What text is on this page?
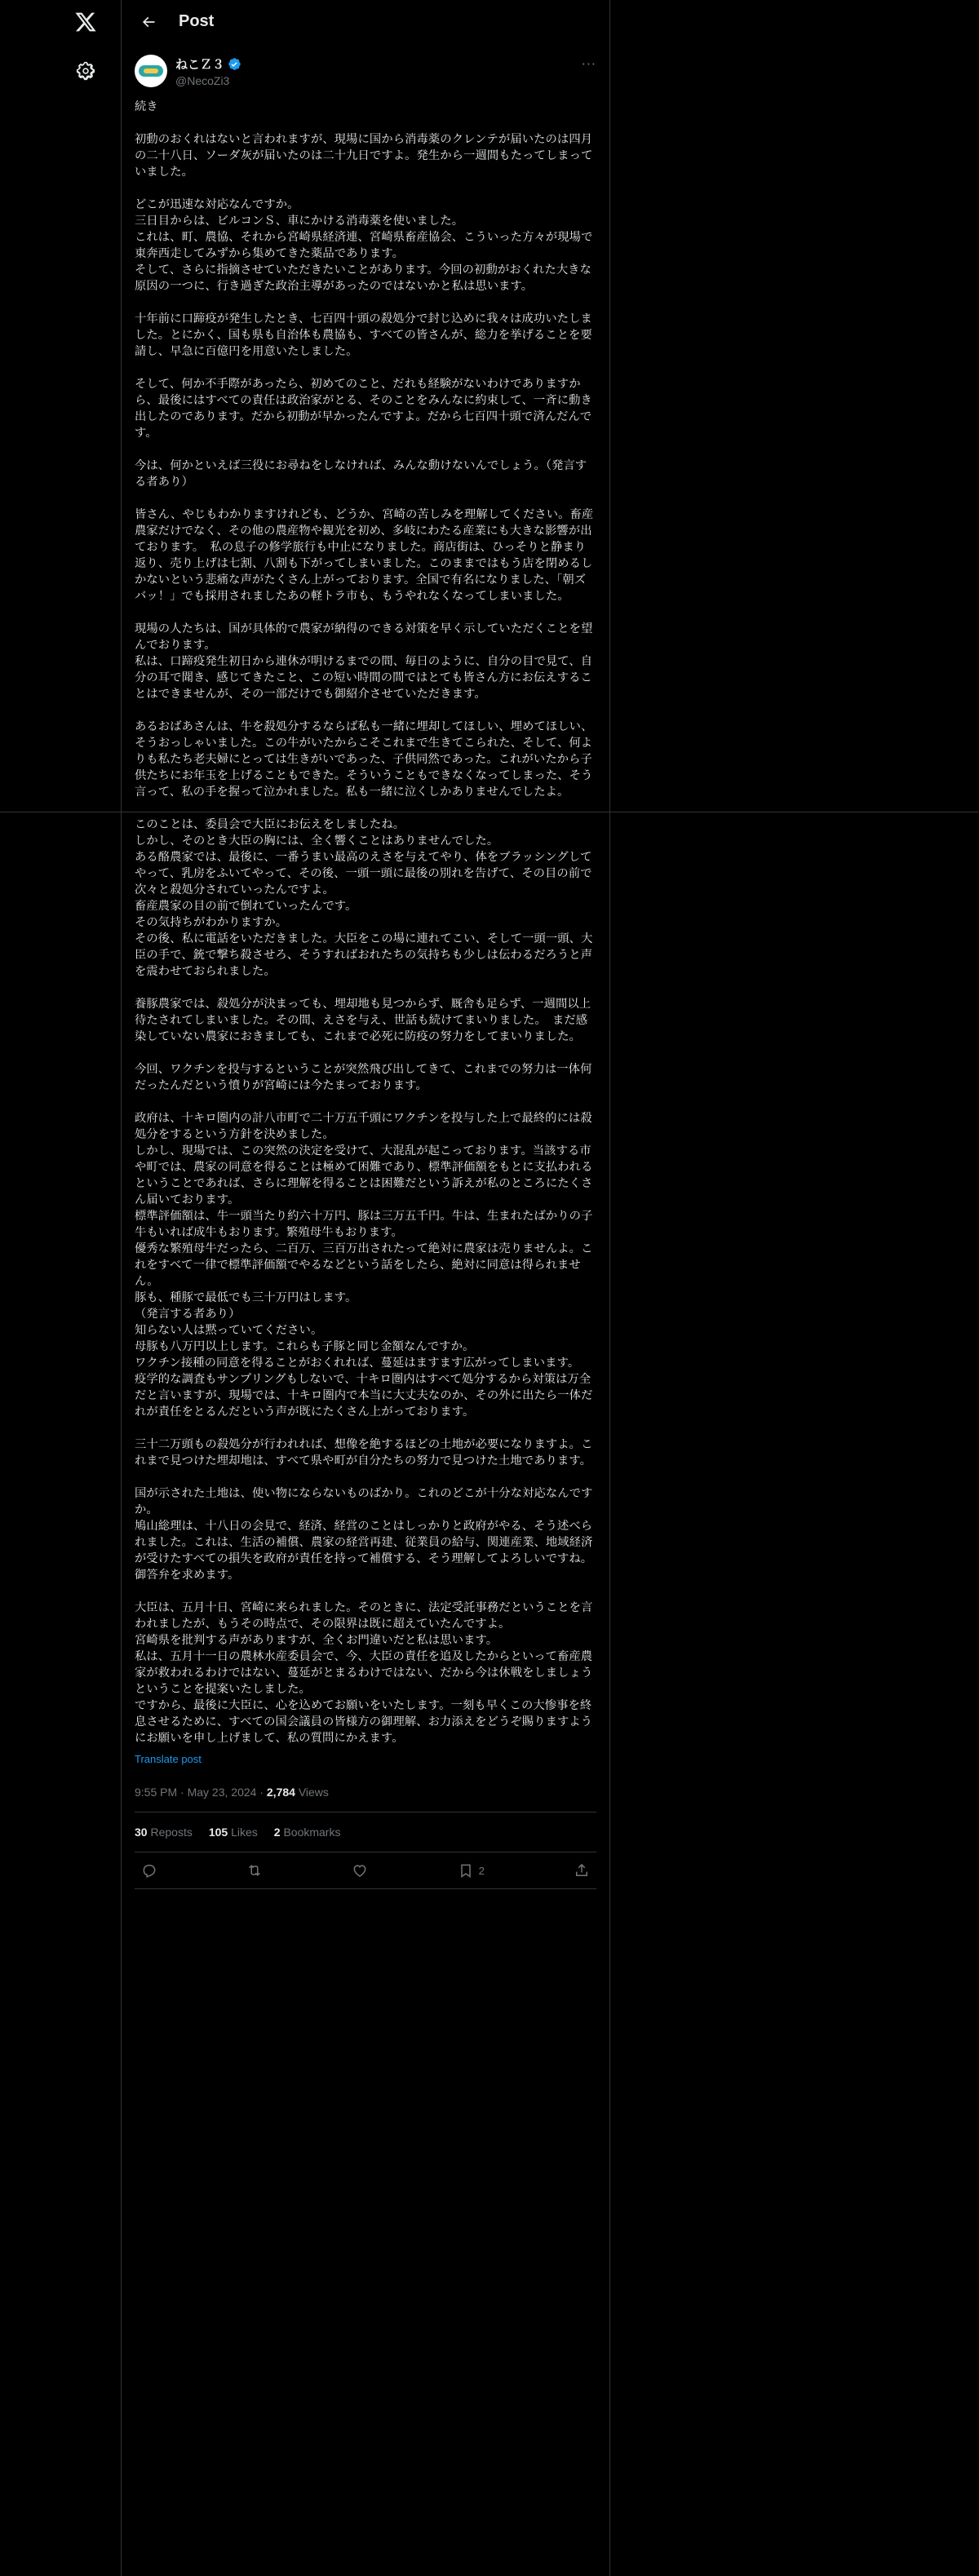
Post
ねこＺ３
@NecoZi3
···
続き

初動のおくれはないと言われますが、現場に国から消毒薬のクレンテが届いたのは四月の二十八日、ソーダ灰が届いたのは二十九日ですよ。発生から一週間もたってしまっていました。

どこが迅速な対応なんですか。
三日目からは、ビルコンＳ、車にかける消毒薬を使いました。
これは、町、農協、それから宮崎県経済連、宮崎県畜産協会、こういった方々が現場で東奔西走してみずから集めてきた薬品であります。
そして、さらに指摘させていただきたいことがあります。今回の初動がおくれた大きな原因の一つに、行き過ぎた政治主導があったのではないかと私は思います。

十年前に口蹄疫が発生したとき、七百四十頭の殺処分で封じ込めに我々は成功いたしました。とにかく、国も県も自治体も農協も、すべての皆さんが、総力を挙げることを要請し、早急に百億円を用意いたしました。

そして、何か不手際があったら、初めてのこと、だれも経験がないわけでありますから、最後にはすべての責任は政治家がとる、そのことをみんなに約束して、一斉に動き出したのであります。だから初動が早かったんですよ。だから七百四十頭で済んだんです。

今は、何かといえば三役にお尋ねをしなければ、みんな動けないんでしょう。（発言する者あり）

皆さん、やじもわかりますけれども、どうか、宮崎の苦しみを理解してください。畜産農家だけでなく、その他の農産物や観光を初め、多岐にわたる産業にも大きな影響が出ております。　私の息子の修学旅行も中止になりました。商店街は、ひっそりと静まり返り、売り上げは七割、八割も下がってしまいました。このままではもう店を閉めるしかないという悲痛な声がたくさん上がっております。全国で有名になりました、「朝ズバッ！」でも採用されましたあの軽トラ市も、もうやれなくなってしまいました。

現場の人たちは、国が具体的で農家が納得のできる対策を早く示していただくことを望んでおります。
私は、口蹄疫発生初日から連休が明けるまでの間、毎日のように、自分の目で見て、自分の耳で聞き、感じてきたこと、この短い時間の間ではとても皆さん方にお伝えすることはできませんが、その一部だけでも御紹介させていただきます。

あるおばあさんは、牛を殺処分するならば私も一緒に埋却してほしい、埋めてほしい、そうおっしゃいました。この牛がいたからこそこれまで生きてこられた、そして、何よりも私たち老夫婦にとっては生きがいであった、子供同然であった。これがいたから子供たちにお年玉を上げることもできた。そういうこともできなくなってしまった、そう言って、私の手を握って泣かれました。私も一緒に泣くしかありませんでしたよ。

このことは、委員会で大臣にお伝えをしましたね。
しかし、そのとき大臣の胸には、全く響くことはありませんでした。
ある酪農家では、最後に、一番うまい最高のえさを与えてやり、体をブラッシングしてやって、乳房をふいてやって、その後、一頭一頭に最後の別れを告げて、その目の前で次々と殺処分されていったんですよ。
畜産農家の目の前で倒れていったんです。
その気持ちがわかりますか。
その後、私に電話をいただきました。大臣をこの場に連れてこい、そして一頭一頭、大臣の手で、銃で撃ち殺させろ、そうすればおれたちの気持ちも少しは伝わるだろうと声を震わせておられました。

養豚農家では、殺処分が決まっても、埋却地も見つからず、厩舎も足らず、一週間以上待たされてしまいました。その間、えさを与え、世話も続けてまいりました。　まだ感染していない農家におきましても、これまで必死に防疫の努力をしてまいりました。

今回、ワクチンを投与するということが突然飛び出してきて、これまでの努力は一体何だったんだという憤りが宮崎には今たまっております。

政府は、十キロ圏内の計八市町で二十万五千頭にワクチンを投与した上で最終的には殺処分をするという方針を決めました。
しかし、現場では、この突然の決定を受けて、大混乱が起こっております。当該する市や町では、農家の同意を得ることは極めて困難であり、標準評価額をもとに支払われるということであれば、さらに理解を得ることは困難だという訴えが私のところにたくさん届いております。
標準評価額は、牛一頭当たり約六十万円、豚は三万五千円。牛は、生まれたばかりの子牛もいれば成牛もおります。繁殖母牛もおります。
優秀な繁殖母牛だったら、二百万、三百万出されたって絶対に農家は売りませんよ。これをすべて一律で標準評価額でやるなどという話をしたら、絶対に同意は得られません。
豚も、種豚で最低でも三十万円はします。
（発言する者あり）
知らない人は黙っていてください。
母豚も八万円以上します。これらも子豚と同じ金額なんですか。
ワクチン接種の同意を得ることがおくれれば、蔓延はますます広がってしまいます。　疫学的な調査もサンプリングもしないで、十キロ圏内はすべて処分するから対策は万全だと言いますが、現場では、十キロ圏内で本当に大丈夫なのか、その外に出たら一体だれが責任をとるんだという声が既にたくさん上がっております。

三十二万頭もの殺処分が行われれば、想像を絶するほどの土地が必要になりますよ。これまで見つけた埋却地は、すべて県や町が自分たちの努力で見つけた土地であります。

国が示された土地は、使い物にならないものばかり。これのどこが十分な対応なんですか。
鳩山総理は、十八日の会見で、経済、経営のことはしっかりと政府がやる、そう述べられました。これは、生活の補償、農家の経営再建、従業員の給与、関連産業、地域経済が受けたすべての損失を政府が責任を持って補償する、そう理解してよろしいですね。御答弁を求めます。

大臣は、五月十日、宮崎に来られました。そのときに、法定受託事務だということを言われましたが、もうその時点で、その限界は既に超えていたんですよ。
宮崎県を批判する声がありますが、全くお門違いだと私は思います。
私は、五月十一日の農林水産委員会で、今、大臣の責任を追及したからといって畜産農家が救われるわけではない、蔓延がとまるわけではない、だから今は休戦をしましょうということを提案いたしました。
ですから、最後に大臣に、心を込めてお願いをいたします。一刻も早くこの大惨事を終息させるために、すべての国会議員の皆様方の御理解、お力添えをどうぞ賜りますようにお願いを申し上げまして、私の質問にかえます。
Translate post
9:55 PM · May 23, 2024 · 2,784 Views
30 Reposts 105 Likes 2 Bookmarks
2
